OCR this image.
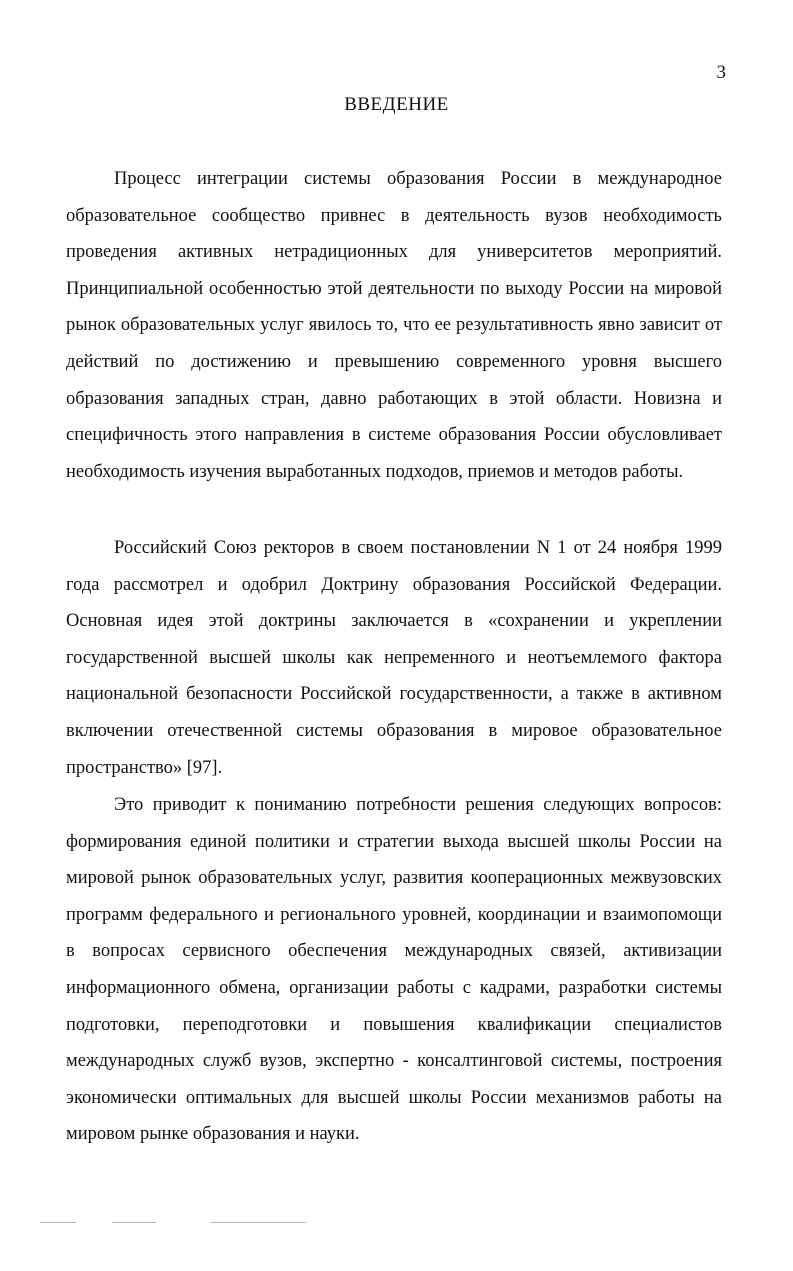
3
ВВЕДЕНИЕ

Процесс интеграции системы образования России в международное образовательное сообщество привнес в деятельность вузов необходимость проведения активных нетрадиционных для университетов мероприятий. Принципиальной особенностью этой деятельности по выходу России на мировой рынок образовательных услуг явилось то, что ее результативность явно зависит от действий по достижению и превышению современного уровня высшего образования западных стран, давно работающих в этой области. Новизна и специфичность этого направления в системе образования России обусловливает необходимость изучения выработанных подходов, приемов и методов работы.

Российский Союз ректоров в своем постановлении N 1 от 24 ноября 1999 года рассмотрел и одобрил Доктрину образования Российской Федерации. Основная идея этой доктрины заключается в «сохранении и укреплении государственной высшей школы как непременного и неотъемлемого фактора национальной безопасности Российской государственности, а также в активном включении отечественной системы образования в мировое образовательное пространство» [97].

Это приводит к пониманию потребности решения следующих вопросов: формирования единой политики и стратегии выхода высшей школы России на мировой рынок образовательных услуг, развития кооперационных межвузовских программ федерального и регионального уровней, координации и взаимопомощи в вопросах сервисного обеспечения международных связей, активизации информационного обмена, организации работы с кадрами, разработки системы подготовки, переподготовки и повышения квалификации специалистов международных служб вузов, экспертно - консалтинговой системы, построения экономически оптимальных для высшей школы России механизмов работы на мировом рынке образования и науки.
